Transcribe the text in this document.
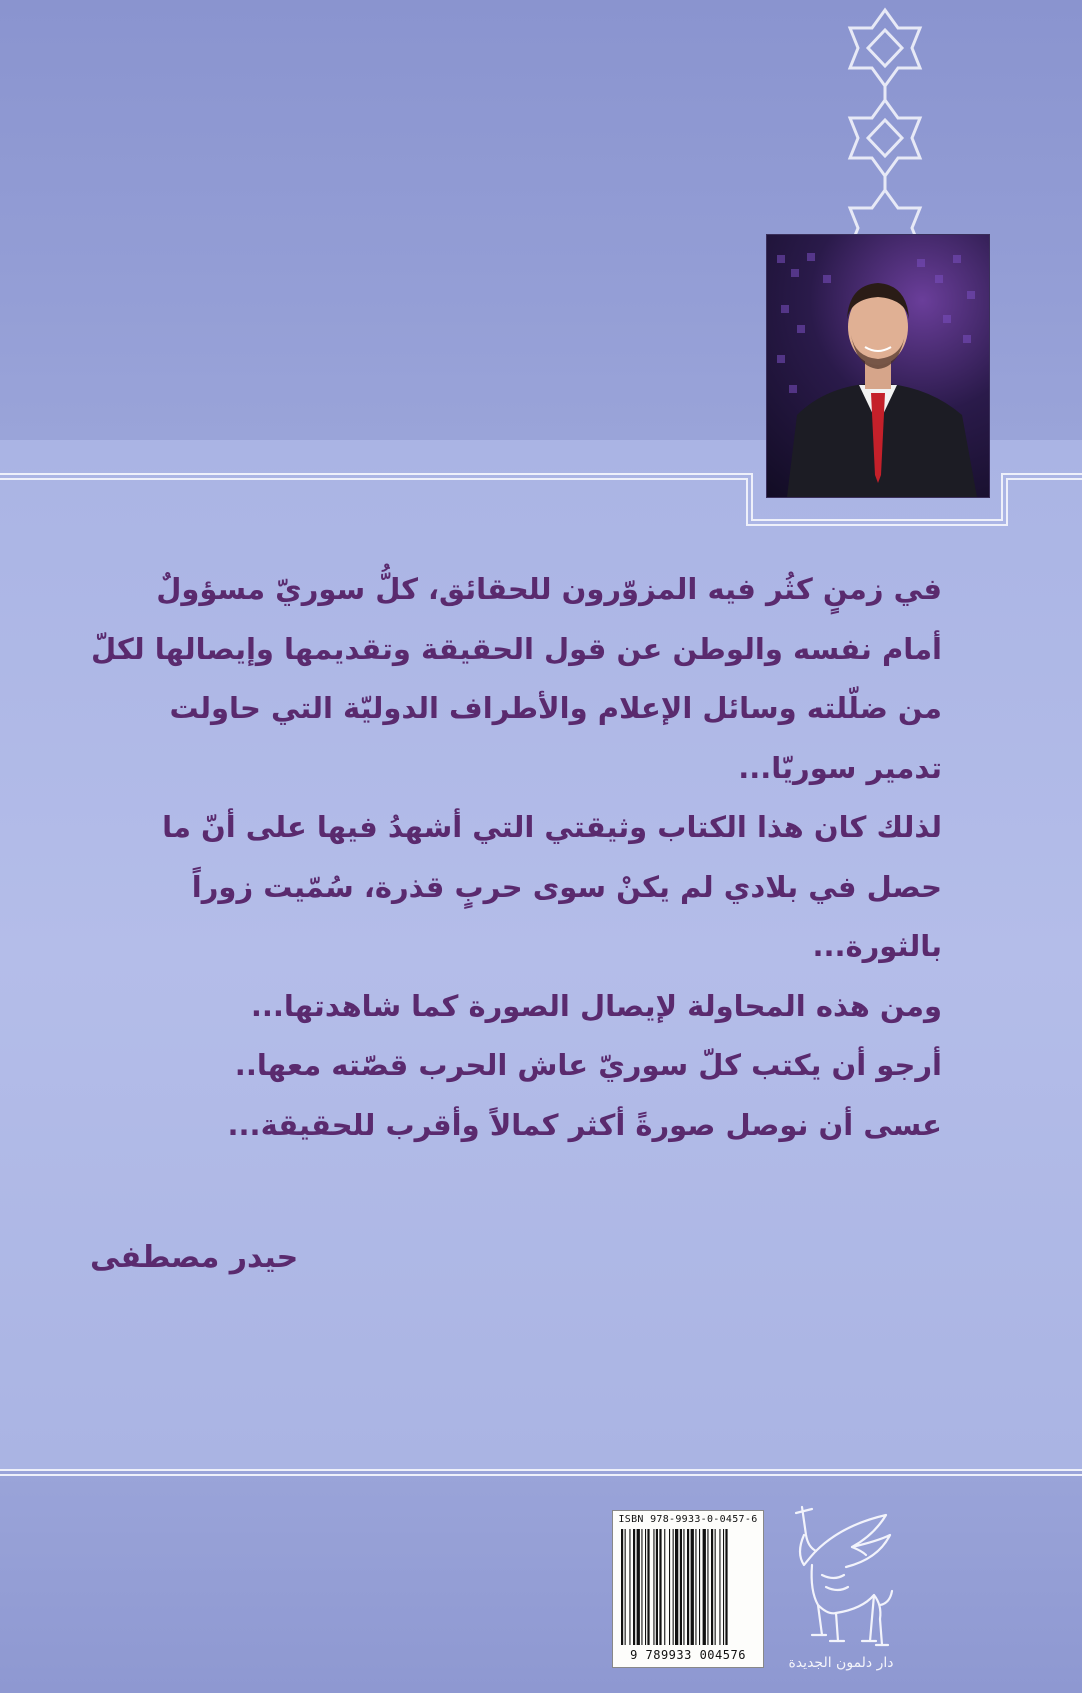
في زمنٍ كثُر فيه المزوّرون للحقائق، كلُّ سوريّ مسؤولٌ أمام نفسه والوطن عن قول الحقيقة وتقديمها وإيصالها لكلّ من ضلّلته وسائل الإعلام والأطراف الدوليّة التي حاولت تدمير سوريّا...

لذلك كان هذا الكتاب وثيقتي التي أشهدُ فيها على أنّ ما حصل في بلادي لم يكنْ سوى حربٍ قذرة، سُمّيت زوراً بالثورة...

ومن هذه المحاولة لإيصال الصورة كما شاهدتها...

أرجو أن يكتب كلّ سوريّ عاش الحرب قصّته معها..

عسى أن نوصل صورةً أكثر كمالاً وأقرب للحقيقة...

حيدر مصطفى
ISBN 978-9933-0-0457-6
9 789933 004576	دار دلمون الجديدة
